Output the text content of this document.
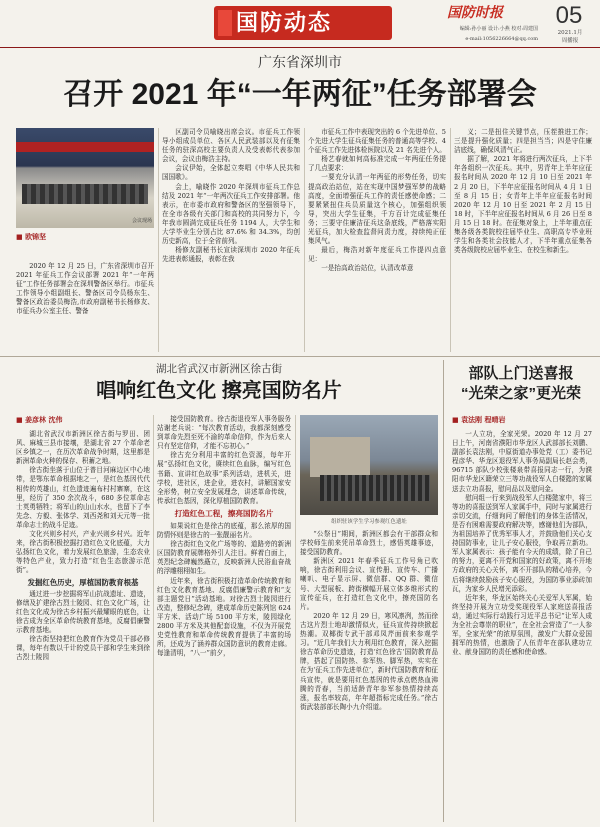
国防动态	国防时报
编辑:孙小丽 设计:小燕 校对:周建国
e-mail:1056226664@qq.com
05
2021.1月
周播报
广东省深圳市
召开 2021 年“一年两征”任务部署会
会议现场
■ 欧锦坚

2020 年 12 月 25 日，广东省深圳市召开 2021 年征兵工作会议部署 2021 年“一年两征”工作任务部署会在深圳警备区举行。市征兵工作领导小组副组长、警备区司令员杨东生、警备区政治委员梅浩,市政府副秘书长杨修友、市征兵办公室主任、警备

区副司令员喻晓出席会议。市征兵工作领导小组成员单位、各区人民武装部以及有征集任务的驻深高校主要负责人及受表彰代表参加会议，会议由梅浩主持。

会议伊始，全体起立奏唱《中华人民共和国国歌》。

会上，喻晓作 2020 年深圳市征兵工作总结及 2021 年“一年两次征兵工作安排部署。他表示，在市委市政府和警备区的坚强领导下，在全市各级有关部门和高校的共同努力下，今年我市圆满完成征兵任务 1194 人，大学生和大学毕业生分别占比 87.6% 和 34.3%，均创历史新高，位于全省前列。

杨修友副秘书长宣读深圳市 2020 年征兵先进表彰通报，表彰在我

市征兵工作中表现突出的 6 个先进单位、5 个先进大学生征兵征集任务的普通高等学校、4 个征兵工作先进体检医院以及 21 名先进个人。

杨艺春就如何高标准完成一年两征任务提了几点要求：

一要充分认清一年两征的形势任务，切实提高政治站位，站在实现中国梦强军梦的战略高度，全面增强征兵工作的责任感使命感；二要紧紧扭住兵员质量这个核心，加强组织领导，突出大学生征集，千方百计完成征集任务；三要守住廉洁征兵这条底线，严格落实阳光征兵，加大检查监督问责力度，持续纯正征集风气。

最后，梅浩对新年度征兵工作提四点意见：

一是抬高政治站位，认清改革意

义；二是扭住关键节点，压茬推进工作；三是提升强化质量；四是担当当；四是守住廉洁底线，确保风清气正。

据了解，2021 年将进行两次征兵，上下半年各组织一次征兵。其中，男青年上半年应征报名时间从 2020 年 12 月 10 日至 2021 年 2 月 20 日，下半年应征报名时间从 4 月 1 日至 8 月 15 日；女青年上半年应征报名时间 2020 年 12 月 10 日至 2021 年 2 月 15 日 18 时，下半年应征报名时间从 6 月 26 日至 8 月 15 日 18 时。在征集对象上，上半年重点征集各级各类院校往届毕业生、高职高专毕业班学生和各类社会技能人才，下半年重点征集各类各级院校应届毕业生、在校生和新生。

湖北省武汉市新洲区徐古街
唱响红色文化 擦亮国防名片
■ 姜彦林 沈伟

湖北省武汉市新洲区徐古街与罗田、团风、麻城三县市接壤，是湖北省 27 个革命老区乡镇之一，在历次革命战争时期，这里都是新洲革命火种的保存、积蓄之地。

徐古街坐落于山位于普目河麻边区中心地带，是鄂东革命根据地之一，是红色基因代代相传的英雄山，红色遗迹遍布村村寨寨，在这里，经历了 350 余次战斗，680 多位革命志士英勇牺牲；将军山的山山水水，也留下了李先念、方毅、张体学、刘西尧和刘天元等一批革命志士的战斗足迹。

文化兴则乡村兴，产业兴则乡村兴。近年来，徐古街积极挖掘打造红色文化底蕴，大力弘扬红色文化，着力发展红色旅游，生态农业等特色产业，致力打造“红色生态旅游示范街”。

发掘红色历史，厚植国防教育根基

通过进一步挖掘将军山抗战遗址、遗迹，修缮及扩建徐古烈士陵园、红色文化广场，让红色文化成为徐古乡村振兴最耀眼的底色，让徐古成为全区革命传统教育基地，反腐倡廉警示教育基地。

徐古街坚持把红色教育作为党员干部必修课，每年有数以千计的党员干部和学生来到徐古烈士陵园

接受国防教育。徐古街退役军人事务服务站谢老兵说：“每次教育活动，我都深刻感受到革命先烈至死不渝的革命信仰，作为后来人只有坚定信仰，才能不忘初心。”

徐古充分利用丰富的红色资源，每年开展“弘扬红色文化，赓续红色血脉，编写红色书籍、宣讲红色故事”系列活动，进机关，进学校，进社区，进企业，进农村，讲解国家安全形势，树立安全发展理念，讲述革命传统，传承红色基因，深化厚植国防教育。

打造红色工程，擦亮国防名片

如果说红色是徐古的底蕴，那么浓厚的国防情怀则是徐古的一张靓丽名片。

徐古街红色文化广场等的、道路旁的新洲区国防教育展牌格外引人注目。鲜着白面上，英烈纪念碑巍然矗立，反映新洲人民浴血奋战的浮雕栩栩如生。

近年来，徐古街积极打造革命传统教育和红色文化教育基地、反腐倡廉警示教育和“支部主题党日”活动基地。对徐古烈士陵园进行改造，整修纪念碑，建成革命历史陈列馆 624 平方米、活动广场 5100 平方米，陵园绿化 2800 平方米及其他配套设施，不仅为开展党史党性教育和革命传统教育提供了丰富的场所，还成为了涵养群众国防意识的教育走廊。每逢清明，“八一”前夕，

组织驻该学生学习参观红色遗址

“公祭日”期间，新洲区都会有干部群众和学校师生前来凭吊革命烈士，感悟英雄事迹，接受国防教育。

新洲区 2021 年春季征兵工作号角已吹响，徐古街利用会议、宣传册、宣传车、广播喇叭、电子显示屏、微信群、QQ 群、微信号、大型展板、跨街横幅开展立体多维形式的宣传征兵，在打造红色文化中，擦亮国防名片。

2020 年 12 月 29 日，寒风凛冽，然而徐古这片烈士地却激情似火，征兵宣传持续掀起热潮。双椰街专武干部邓凤芹面前来参观学习。“近几年我们大力利用红色教育，深入挖掘徐古革命历史遗迹，打造‘红色徐古’国防教育品牌，搭起了国防热、参军热、脚军热，实实在在为‘征兵工作先进单位’，新时代国防教育和征兵宣传，就是要用红色基因的传承点燃热血沸腾的青春，当前适龄青年参军参热情持续高涨，报名率较高，年年超指标完成任务。”徐古街武装部部长陶小九介绍道。

部队上门送喜报
“光荣之家”更光荣
■ 袁法刚 程晴岩

一人立功，全家光荣。2020 年 12 月 27 日上午，河南省濮阳市华龙区人武部部长刘鹏、副部长袁法刚，中原街道办事处党（工）委书记程彦华、华龙区退役军人事务局副局长赵会勇，96715 部队少校张楼泉带喜报同志一行，为濮阳市华龙区籍荣立三等功战役军人白楼懿的家属送去立功喜报，慰问品以及慰问金。

慰问组一行来到战役军人白楼懿家中，将三等功的喜报送到军人家属手中，同时与家属进行亲切交流，仔细询问了解他们的身体生活情况，是否有困难需要政府解决等，感谢他们为部队，为祖国培养了优秀军事人才，并鼓励他们关心支持国防事业，让儿子安心服役，争取再立新功。军人家属表示：孩子能有今天的成绩，除了自己的努力，更离不开党和国家的好政策，离不开地方政府的关心关怀，离不开部队的精心培养，今后将继续鼓励孩子安心服役，为国防事业添砖加瓦，为家乡人民增光添彩。

近年来，华龙区始终关心关爱军人军属，始终坚持开展为立功受奖现役军人家庭送喜报活动，通过实际行动践行习近平总书记“让军人成为全社会尊崇的职业”，在全社会营造了“一人参军，全家光荣”的浓厚氛围，激发广大群众爱国拥军的热情，也激励了人伍青年在部队建功立业、献身国防的责任感和使命感。
